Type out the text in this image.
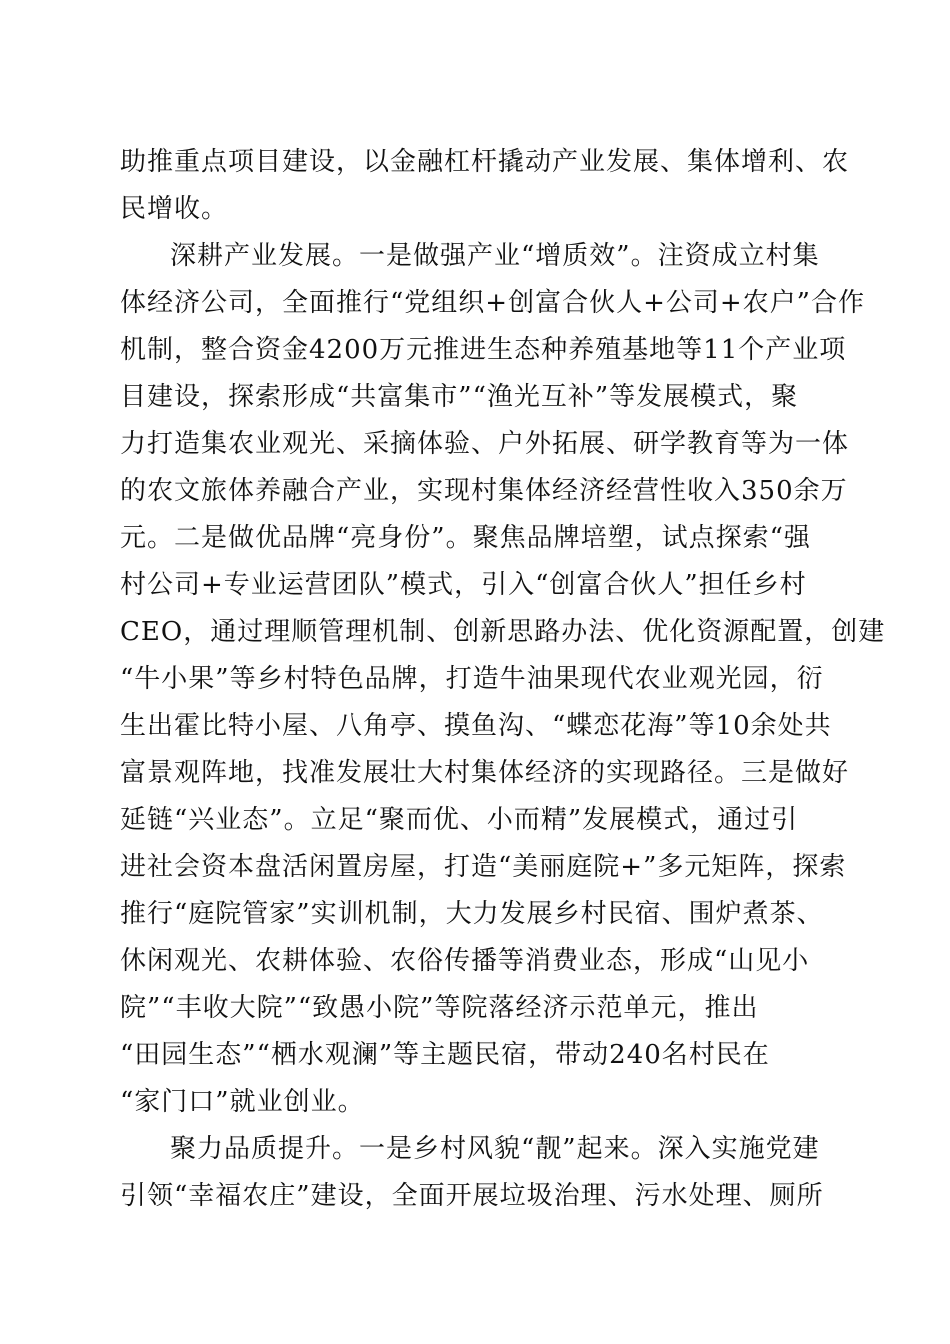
助推重点项目建设，以金融杠杆撬动产业发展、集体增利、农
民增收。
深耕产业发展。一是做强产业“增质效”。注资成立村集
体经济公司，全面推行“党组织+创富合伙人+公司+农户”合作
机制，整合资金4200万元推进生态种养殖基地等11个产业项
目建设，探索形成“共富集市”“渔光互补”等发展模式，聚
力打造集农业观光、采摘体验、户外拓展、研学教育等为一体
的农文旅体养融合产业，实现村集体经济经营性收入350余万
元。二是做优品牌“亮身份”。聚焦品牌培塑，试点探索“强
村公司+专业运营团队”模式，引入“创富合伙人”担任乡村
CEO，通过理顺管理机制、创新思路办法、优化资源配置，创建
“牛小果”等乡村特色品牌，打造牛油果现代农业观光园，衍
生出霍比特小屋、八角亭、摸鱼沟、“蝶恋花海”等10余处共
富景观阵地，找准发展壮大村集体经济的实现路径。三是做好
延链“兴业态”。立足“聚而优、小而精”发展模式，通过引
进社会资本盘活闲置房屋，打造“美丽庭院+”多元矩阵，探索
推行“庭院管家”实训机制，大力发展乡村民宿、围炉煮茶、
休闲观光、农耕体验、农俗传播等消费业态，形成“山见小
院”“丰收大院”“致愚小院”等院落经济示范单元，推出
“田园生态”“栖水观澜”等主题民宿，带动240名村民在
“家门口”就业创业。
聚力品质提升。一是乡村风貌“靓”起来。深入实施党建
引领“幸福农庄”建设，全面开展垃圾治理、污水处理、厕所
